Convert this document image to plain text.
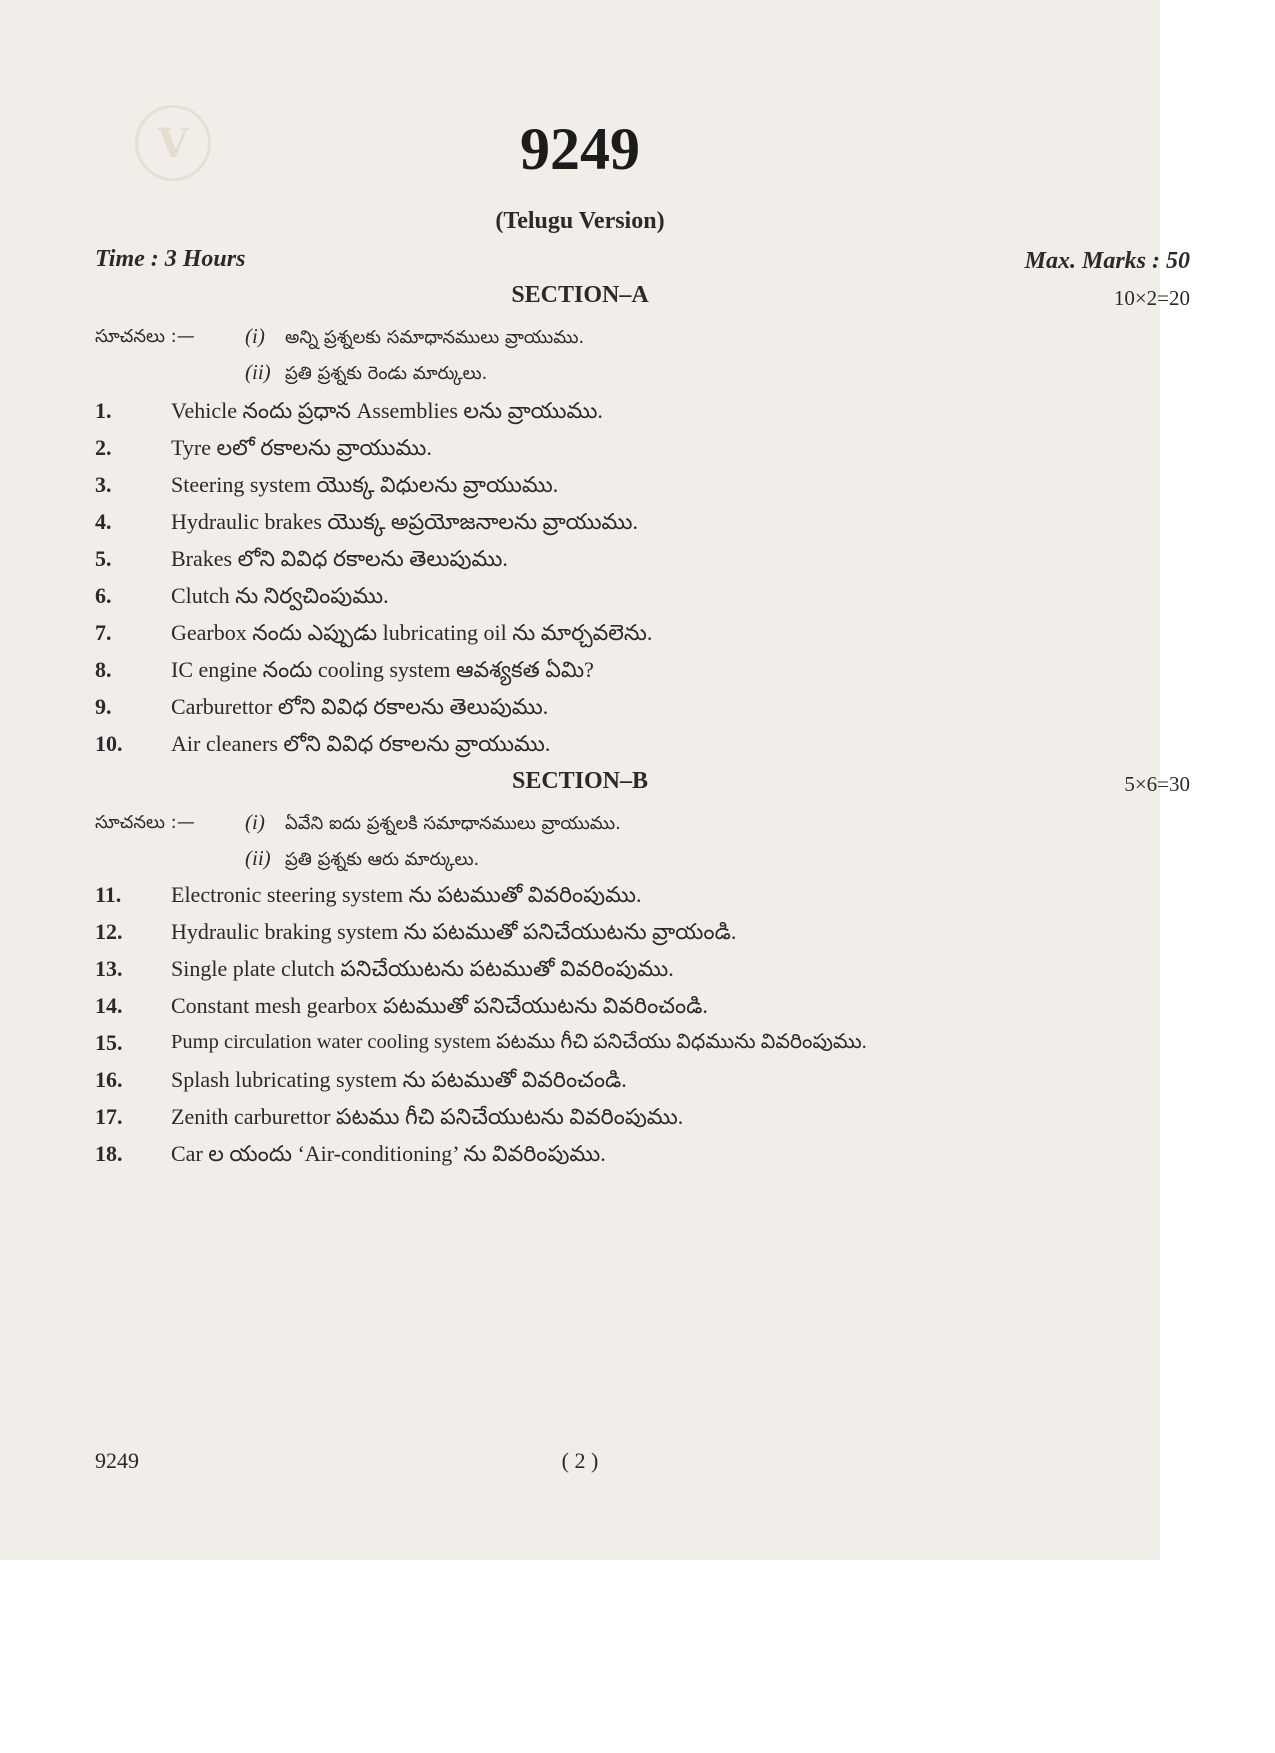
V	9249
(Telugu Version)
Time : 3 Hours	Max. Marks : 50
SECTION–A	10×2=20
సూచనలు :— (i) అన్ని ప్రశ్నలకు సమాధానములు వ్రాయుము.
(ii) ప్రతి ప్రశ్నకు రెండు మార్కులు.
1.	Vehicle నందు ప్రధాన Assemblies లను వ్రాయుము.
2.	Tyre లలో రకాలను వ్రాయుము.
3.	Steering system యొక్క విధులను వ్రాయుము.
4.	Hydraulic brakes యొక్క అప్రయోజనాలను వ్రాయుము.
5.	Brakes లోని వివిధ రకాలను తెలుపుము.
6.	Clutch ను నిర్వచింపుము.
7.	Gearbox నందు ఎప్పుడు lubricating oil ను మార్చవలెను.
8.	IC engine నందు cooling system ఆవశ్యకత ఏమి?
9.	Carburettor లోని వివిధ రకాలను తెలుపుము.
10. Air cleaners లోని వివిధ రకాలను వ్రాయుము.
SECTION–B	5×6=30
సూచనలు :— (i) ఏవేని ఐదు ప్రశ్నలకి సమాధానములు వ్రాయుము.
(ii) ప్రతి ప్రశ్నకు ఆరు మార్కులు.
11. Electronic steering system ను పటముతో వివరింపుము.
12. Hydraulic braking system ను పటముతో పనిచేయుటను వ్రాయండి.
13. Single plate clutch పనిచేయుటను పటముతో వివరింపుము.
14. Constant mesh gearbox పటముతో పనిచేయుటను వివరించండి.
15. Pump circulation water cooling system పటము గీచి పనిచేయు విధమును వివరింపుము.
16. Splash lubricating system ను పటముతో వివరించండి.
17. Zenith carburettor పటము గీచి పనిచేయుటను వివరింపుము.
18. Car ల యందు ‘Air-conditioning’ ను వివరింపుము.
9249	( 2 )
